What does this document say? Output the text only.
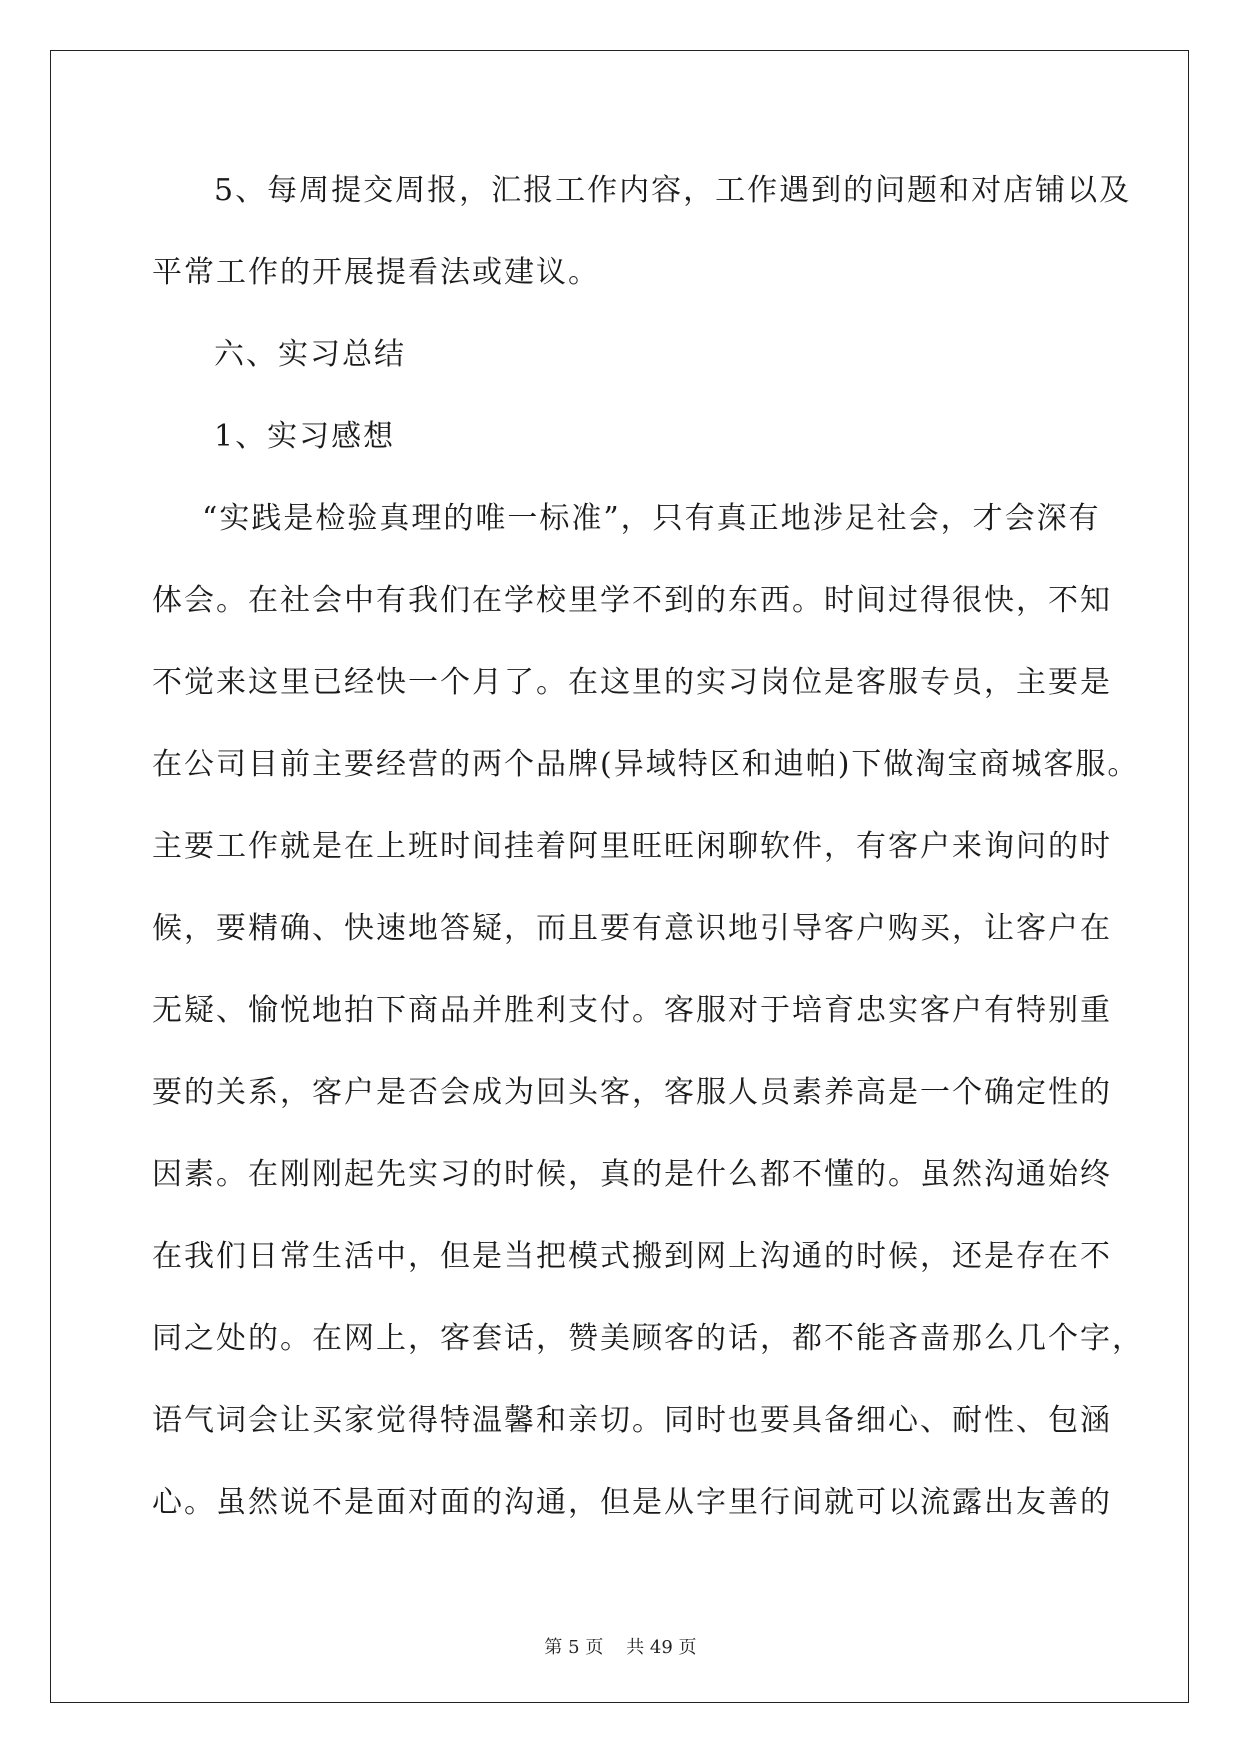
5、每周提交周报，汇报工作内容，工作遇到的问题和对店铺以及
平常工作的开展提看法或建议。
六、实习总结
1、实习感想
“实践是检验真理的唯一标准”，只有真正地涉足社会，才会深有
体会。在社会中有我们在学校里学不到的东西。时间过得很快，不知
不觉来这里已经快一个月了。在这里的实习岗位是客服专员，主要是
在公司目前主要经营的两个品牌(异域特区和迪帕)下做淘宝商城客服。
主要工作就是在上班时间挂着阿里旺旺闲聊软件，有客户来询问的时
候，要精确、快速地答疑，而且要有意识地引导客户购买，让客户在
无疑、愉悦地拍下商品并胜利支付。客服对于培育忠实客户有特别重
要的关系，客户是否会成为回头客，客服人员素养高是一个确定性的
因素。在刚刚起先实习的时候，真的是什么都不懂的。虽然沟通始终
在我们日常生活中，但是当把模式搬到网上沟通的时候，还是存在不
同之处的。在网上，客套话，赞美顾客的话，都不能吝啬那么几个字，
语气词会让买家觉得特温馨和亲切。同时也要具备细心、耐性、包涵
心。虽然说不是面对面的沟通，但是从字里行间就可以流露出友善的
第 5 页    共 49 页
